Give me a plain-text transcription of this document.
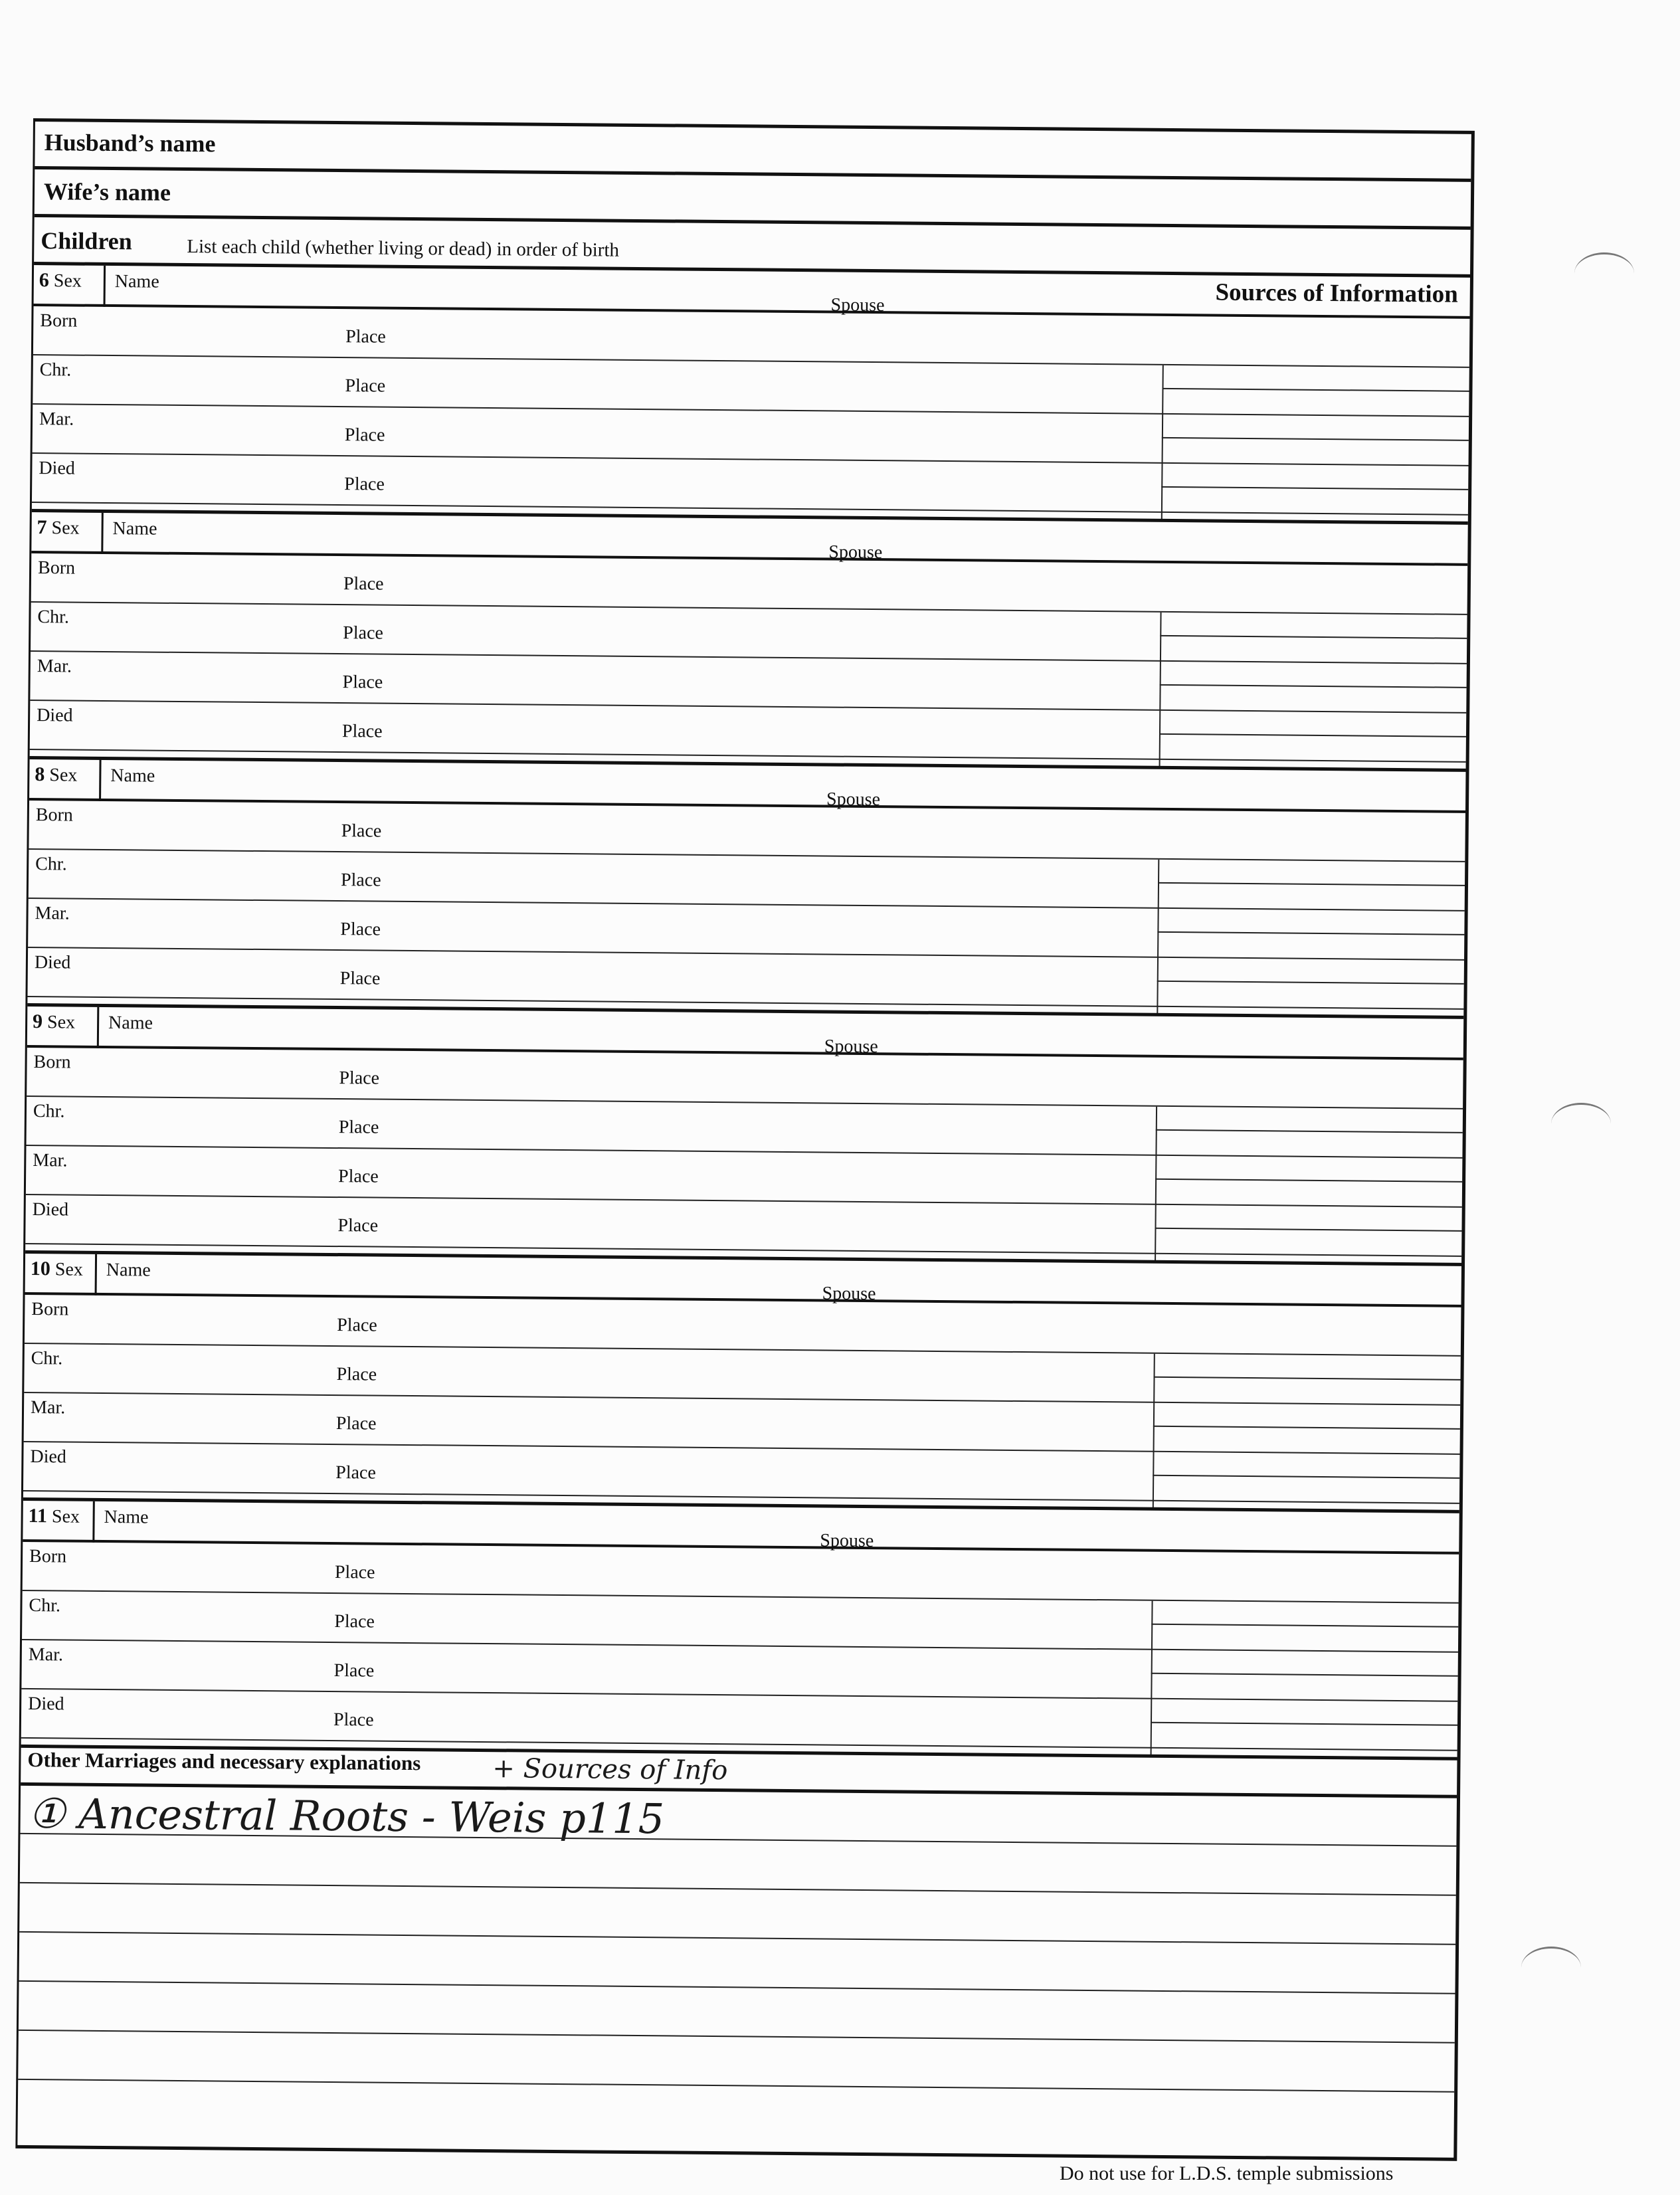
Husband’s name
Wife’s name
Children	List each child (whether living or dead) in order of birth
6 Sex	Name
Spouse	Sources of Information
Born
Place
Chr.
Place
Mar.
Place
Died
Place
7 Sex	Name
Spouse
Born
Place
Chr.
Place
Mar.
Place
Died
Place
8 Sex	Name
Spouse
Born
Place
Chr.
Place
Mar.
Place
Died
Place
9 Sex	Name
Spouse
Born
Place
Chr.
Place
Mar.
Place
Died
Place
10 Sex	Name
Spouse
Born
Place
Chr.
Place
Mar.
Place
Died
Place
11 Sex	Name
Spouse
Born
Place
Chr.
Place
Mar.
Place
Died
Place
Other Marriages and necessary explanations	+ Sources of Info
① Ancestral Roots - Weis p115
Do not use for L.D.S. temple submissions
